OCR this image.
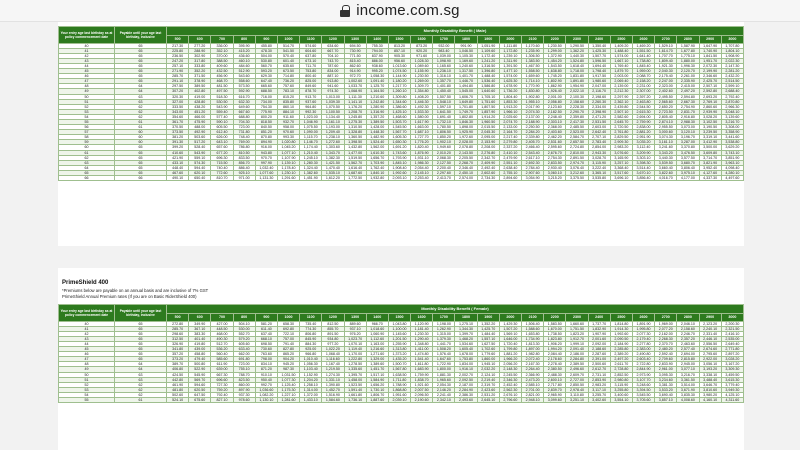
income.com.sg
Your entry age last birthday as at policy commencement date	Payable until your age last birthday, inclusive	Monthly Disability Benefit ( Male)																									
		500	600	700	800	900	1000	1100	1200	1300	1400	1500	1600	1700	1800	1900	2000	2100	2200	2300	2400	2500	2600	2700	2800	2900	3000
40	65	217.30	277.20	336.00	395.90	455.80	514.70	574.60	634.60	694.50	755.30	813.20	873.20	932.00	991.90	1,051.90	1,111.80	1,170.60	1,230.50	1,290.50	1,350.40	1,409.20	1,469.20	1,529.10	1,587.90	1,647.90	1,707.80
41	65	225.80	288.90	352.10	415.20	478.30	541.50	604.60	667.70	730.90	794.00	857.10	920.20	983.40	1,046.50	1,109.60	1,172.80	1,235.90	1,299.00	1,362.20	1,425.30	1,488.40	1,551.50	1,614.70	1,677.80	1,740.90	1,804.10
42	65	236.50	302.90	370.00	436.60	504.00	570.40	637.80	704.10	771.50	837.90	905.30	971.60	1,039.00	1,105.30	1,172.40	1,239.10	1,306.50	1,372.90	1,440.30	1,507.70	1,574.00	1,641.40	1,707.70	1,775.10	1,841.50	1,908.90
43	65	247.20	317.80	388.50	460.10	530.80	601.40	673.10	743.70	815.40	886.00	956.60	1,028.30	1,098.90	1,169.60	1,241.20	1,311.90	1,383.50	1,454.20	1,524.80	1,596.50	1,667.10	1,738.80	1,809.40	1,880.00	1,951.70	2,022.30
44	65	257.10	333.80	409.60	484.60	560.70	635.60	711.70	787.60	862.60	938.60	1,013.60	1,089.60	1,165.60	1,240.60	1,316.50	1,391.50	1,467.50	1,543.50	1,618.40	1,694.40	1,769.40	1,845.40	1,921.30	1,996.30	2,072.30	2,147.30
45	65	271.90	352.20	432.50	512.90	593.20	673.50	753.80	834.00	914.90	995.20	1,074.50	1,155.90	1,236.10	1,317.50	1,396.80	1,477.10	1,558.50	1,638.80	1,718.00	1,798.40	1,879.70	1,959.00	2,040.30	2,120.70	2,199.90	2,281.20
46	65	285.70	371.50	456.90	543.60	629.30	714.80	800.40	887.10	972.70	1,058.30	1,144.90	1,230.50	1,316.10	1,401.70	1,488.40	1,574.00	1,659.60	1,745.20	1,831.80	1,917.50	2,003.00	2,088.70	2,175.40	2,261.00	2,346.60	2,432.20
47	65	291.10	378.90	468.70	558.60	647.40	736.20	825.00	913.80	1,002.60	1,091.40	1,180.20	1,269.00	1,357.70	1,446.70	1,536.40	1,625.30	1,714.10	1,802.90	1,891.80	1,980.60	2,069.40	2,158.20	2,247.00	2,335.90	2,425.70	2,514.50
48	64	297.50	389.50	481.50	573.50	665.60	757.60	849.60	941.60	1,033.70	1,125.70	1,217.70	1,309.70	1,401.80	1,494.80	1,586.80	1,678.90	1,770.90	1,862.90	1,954.90	2,047.00	2,139.00	2,231.00	2,323.00	2,415.00	2,507.10	2,599.10
49	64	307.20	402.80	497.50	592.90	688.50	783.10	878.70	974.30	1,068.90	1,164.50	1,260.10	1,354.80	1,450.40	1,545.00	1,640.60	1,736.20	1,830.80	1,926.40	2,022.10	2,116.70	2,212.30	2,307.00	2,402.60	2,497.20	2,592.80	2,688.40
50	63	320.30	419.00	518.30	616.70	716.00	815.20	913.70	1,013.00	1,111.30	1,210.60	1,309.80	1,408.20	1,507.50	1,606.70	1,705.10	1,804.40	1,902.80	2,001.00	2,100.30	2,198.60	2,297.90	2,397.20	2,495.50	2,594.80	2,693.20	2,792.40
51	63	327.00	428.80	530.50	632.30	734.00	835.80	937.60	1,039.30	1,141.10	1,242.80	1,344.60	1,446.30	1,548.10	1,649.80	1,751.60	1,853.30	1,955.10	2,056.80	2,158.60	2,260.30	2,362.10	2,463.80	2,565.60	2,667.30	2,769.10	2,870.80
52	62	333.50	438.20	543.90	649.60	754.30	860.10	964.80	1,070.50	1,176.20	1,280.90	1,386.60	1,492.30	1,597.10	1,701.80	1,807.50	1,913.20	2,017.90	2,123.60	2,228.30	2,334.00	2,439.80	2,544.50	2,650.20	2,754.90	2,860.60	2,966.30
53	62	343.00	451.20	559.40	667.60	775.90	884.10	992.30	1,100.50	1,208.70	1,316.90	1,425.10	1,533.30	1,641.50	1,749.70	1,857.90	1,966.10	2,074.30	2,182.50	2,290.70	2,398.90	2,507.10	2,615.30	2,723.50	2,831.70	2,939.90	3,048.10
54	62	354.60	466.00	577.40	688.80	800.20	911.60	1,023.00	1,134.40	1,245.80	1,357.20	1,468.60	1,580.00	1,691.40	1,802.80	1,914.20	2,025.60	2,137.00	2,248.40	2,359.80	2,471.20	2,582.60	2,694.00	2,805.40	2,916.80	3,028.20	3,139.60
55	61	361.70	475.90	590.10	704.30	818.50	932.70	1,046.90	1,161.10	1,275.30	1,389.50	1,503.70	1,617.90	1,732.10	1,846.30	1,960.50	2,074.70	2,188.90	2,303.10	2,417.30	2,531.50	2,645.70	2,759.90	2,874.10	2,988.30	3,102.50	3,216.70
56	61	370.50	488.00	605.50	723.00	840.50	958.00	1,075.50	1,193.00	1,310.50	1,428.00	1,545.50	1,663.00	1,780.50	1,898.00	2,015.50	2,133.00	2,250.50	2,368.00	2,485.50	2,603.00	2,720.50	2,838.00	2,955.50	3,073.00	3,190.50	3,308.00
57	60	373.50	492.90	612.40	731.80	851.20	970.60	1,090.00	1,209.40	1,328.80	1,448.30	1,567.70	1,687.10	1,806.50	1,925.90	2,045.30	2,164.70	2,284.20	2,403.60	2,523.00	2,642.40	2,761.80	2,881.20	3,000.60	3,120.10	3,239.50	3,358.90
58	60	381.20	503.60	626.00	748.40	870.80	993.30	1,115.70	1,238.10	1,360.50	1,482.90	1,605.30	1,727.70	1,850.20	1,972.60	2,095.00	2,217.40	2,339.80	2,462.20	2,584.70	2,707.10	2,829.50	2,951.90	3,074.30	3,196.70	3,319.10	3,441.60
59	60	391.30	517.20	643.10	769.00	894.90	1,020.80	1,146.70	1,272.60	1,398.50	1,524.40	1,650.30	1,776.20	1,902.10	2,028.00	2,153.90	2,279.80	2,405.70	2,531.60	2,657.50	2,783.40	2,909.30	3,035.20	3,161.10	3,287.00	3,412.90	3,538.80
60	65	399.20	528.40	657.60	786.80	916.00	1,045.20	1,174.40	1,303.60	1,432.80	1,562.00	1,691.20	1,820.40	1,949.60	2,078.80	2,208.00	2,337.20	2,466.40	2,595.60	2,724.80	2,854.00	2,983.20	3,112.40	3,241.60	3,370.80	3,500.00	3,629.20
61	65	410.60	543.90	677.20	810.50	943.80	1,077.10	1,210.40	1,343.70	1,477.00	1,610.30	1,743.60	1,876.90	2,010.20	2,143.50	2,276.80	2,410.10	2,543.40	2,676.70	2,810.00	2,943.30	3,076.60	3,209.90	3,343.20	3,476.50	3,609.80	3,743.10
62	65	421.90	559.10	696.30	833.50	970.70	1,107.90	1,245.10	1,382.30	1,519.50	1,656.70	1,793.90	1,931.10	2,068.30	2,205.50	2,342.70	2,479.90	2,617.10	2,754.30	2,891.50	3,028.70	3,165.90	3,303.10	3,440.30	3,577.50	3,714.70	3,851.90
63	65	433.10	574.30	715.50	856.70	997.90	1,139.10	1,280.30	1,421.50	1,562.70	1,703.90	1,845.10	1,986.30	2,127.50	2,268.70	2,409.90	2,551.10	2,692.30	2,833.50	2,974.70	3,115.90	3,257.10	3,398.30	3,539.50	3,680.70	3,821.90	3,963.10
64	65	448.40	594.40	740.40	886.40	1,032.40	1,178.40	1,324.40	1,470.40	1,616.40	1,762.40	1,908.40	2,054.40	2,200.40	2,346.40	2,492.40	2,638.40	2,784.40	2,930.40	3,076.40	3,222.40	3,368.40	3,514.40	3,660.40	3,806.40	3,952.40	4,098.40
65	65	467.60	620.10	772.60	925.10	1,077.60	1,230.10	1,382.60	1,535.10	1,687.60	1,840.10	1,992.60	2,145.10	2,297.60	2,450.10	2,602.60	2,755.10	2,907.60	3,060.10	3,212.60	3,365.10	3,517.60	3,670.10	3,822.60	3,975.10	4,127.60	4,280.10
66	66	490.10	650.40	810.70	971.00	1,131.30	1,291.60	1,451.90	1,612.20	1,772.50	1,932.80	2,093.10	2,253.40	2,413.70	2,574.00	2,734.30	2,894.60	3,054.90	3,215.20	3,375.50	3,535.80	3,696.10	3,856.40	4,016.70	4,177.00	4,337.30	4,497.60
PrimeShield 400
*Premiums below are payable on an annual basis and are inclusive of 7% GST
PrimeShield Annual Premium rates (If you are on Basic RiderShield 400)
Your entry age last birthday as at policy commencement date	Payable until your age last birthday, inclusive	Monthly Disability Benefit ( Female)																									
		500	600	700	800	900	1000	1100	1200	1300	1400	1500	1600	1700	1800	1900	2000	2100	2200	2300	2400	2500	2600	2700	2800	2900	3000
40	65	272.80	349.90	427.00	504.10	581.20	658.30	735.40	812.50	889.60	966.70	1,043.80	1,120.90	1,198.00	1,275.10	1,352.20	1,429.30	1,506.40	1,583.50	1,660.60	1,737.70	1,814.80	1,891.90	1,969.00	2,046.10	2,123.20	2,200.30
41	65	285.70	367.10	448.50	530.00	611.40	692.80	774.30	855.70	937.10	1,018.60	1,100.00	1,181.40	1,262.90	1,344.30	1,425.70	1,507.20	1,588.60	1,670.00	1,751.50	1,832.90	1,914.30	1,995.80	2,077.20	2,158.60	2,240.10	2,321.50
42	65	298.60	383.30	468.00	552.70	637.40	722.10	806.80	891.50	976.20	1,060.90	1,145.60	1,230.30	1,315.00	1,399.70	1,484.40	1,569.10	1,653.80	1,738.50	1,823.20	1,907.90	1,992.60	2,077.30	2,162.00	2,246.70	2,331.40	2,416.10
43	65	312.50	401.40	490.30	579.20	668.10	757.00	845.90	934.80	1,023.70	1,112.60	1,201.50	1,290.40	1,379.30	1,468.20	1,557.10	1,646.00	1,734.90	1,823.80	1,912.70	2,001.60	2,090.50	2,179.40	2,268.30	2,357.20	2,446.10	2,535.00
44	65	326.90	419.80	512.70	605.60	698.50	791.40	884.30	977.20	1,070.10	1,163.00	1,255.90	1,348.80	1,441.70	1,534.60	1,627.50	1,720.40	1,813.30	1,906.20	1,999.10	2,092.00	2,184.90	2,277.80	2,370.70	2,463.60	2,556.50	2,649.40
45	65	341.80	439.00	536.20	633.40	730.60	827.80	925.00	1,022.20	1,119.40	1,216.60	1,313.80	1,411.00	1,508.20	1,605.40	1,702.60	1,799.80	1,897.00	1,994.20	2,091.40	2,188.60	2,285.80	2,383.00	2,480.20	2,577.40	2,674.60	2,771.80
46	65	357.20	458.80	560.40	662.00	763.60	865.20	966.80	1,068.40	1,170.00	1,271.60	1,373.20	1,474.80	1,576.40	1,678.00	1,779.60	1,881.20	1,982.80	2,084.40	2,186.00	2,287.60	2,389.20	2,490.80	2,592.40	2,694.00	2,795.60	2,897.20
47	65	373.20	479.40	585.60	691.80	798.00	904.20	1,010.40	1,116.60	1,222.80	1,329.00	1,435.20	1,541.40	1,647.60	1,753.80	1,860.00	1,966.20	2,072.40	2,178.60	2,284.80	2,391.00	2,497.20	2,603.40	2,709.60	2,815.80	2,922.00	3,028.20
48	64	389.70	500.80	611.90	723.00	834.10	945.20	1,056.30	1,167.40	1,278.50	1,389.60	1,500.70	1,611.80	1,722.90	1,834.00	1,945.10	2,056.20	2,167.30	2,278.40	2,389.50	2,500.60	2,611.70	2,722.80	2,833.90	2,945.00	3,056.10	3,167.20
49	64	406.80	522.90	639.00	755.10	871.20	987.30	1,103.40	1,219.50	1,335.60	1,451.70	1,567.80	1,683.90	1,800.00	1,916.10	2,032.20	2,148.30	2,264.40	2,380.50	2,496.60	2,612.70	2,728.80	2,844.90	2,961.00	3,077.10	3,193.20	3,309.30
50	63	424.50	545.90	667.30	788.70	910.10	1,031.50	1,152.90	1,274.30	1,395.70	1,517.10	1,638.50	1,759.90	1,881.30	2,002.70	2,124.10	2,245.50	2,366.90	2,488.30	2,609.70	2,731.10	2,852.50	2,973.90	3,095.30	3,216.70	3,338.10	3,459.50
51	63	442.80	569.70	696.60	823.50	950.40	1,077.30	1,204.20	1,331.10	1,458.00	1,584.90	1,711.80	1,838.70	1,965.60	2,092.50	2,219.40	2,346.30	2,473.20	2,600.10	2,727.00	2,853.90	2,980.80	3,107.70	3,234.60	3,361.50	3,488.40	3,615.30
52	62	461.90	594.60	727.30	860.00	992.70	1,125.40	1,258.10	1,390.80	1,523.50	1,656.20	1,788.90	1,921.60	2,054.30	2,187.00	2,319.70	2,452.40	2,585.10	2,717.80	2,850.50	2,983.20	3,115.90	3,248.60	3,381.30	3,514.00	3,646.70	3,779.40
53	62	481.80	620.50	759.20	897.90	1,036.60	1,175.30	1,314.00	1,452.70	1,591.40	1,730.10	1,868.80	2,007.50	2,146.20	2,284.90	2,423.60	2,562.30	2,701.00	2,839.70	2,978.40	3,117.10	3,255.80	3,394.50	3,533.20	3,671.90	3,810.60	3,949.30
54	62	502.60	647.50	792.40	937.30	1,082.20	1,227.10	1,372.00	1,516.90	1,661.80	1,806.70	1,951.60	2,096.50	2,241.40	2,386.30	2,531.20	2,676.10	2,821.00	2,965.90	3,110.80	3,255.70	3,400.60	3,545.50	3,690.40	3,835.30	3,980.20	4,125.10
55	61	524.10	675.60	827.10	978.60	1,130.10	1,281.60	1,433.10	1,584.60	1,736.10	1,887.60	2,039.10	2,190.60	2,342.10	2,493.60	2,645.10	2,796.60	2,948.10	3,099.60	3,251.10	3,402.60	3,554.10	3,705.60	3,857.10	4,008.60	4,160.10	4,311.60
